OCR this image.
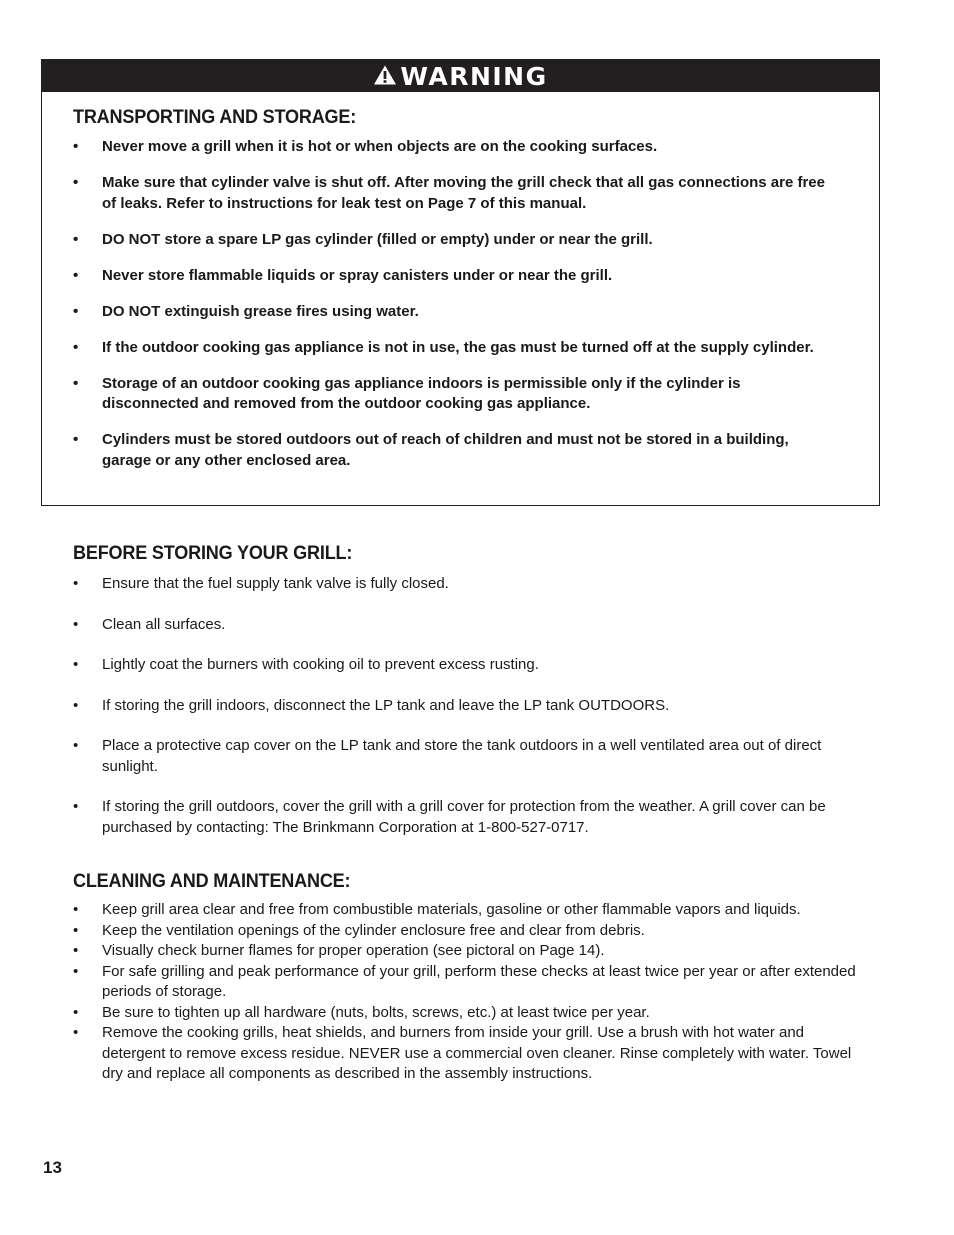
WARNING
TRANSPORTING AND STORAGE:
• Never move a grill when it is hot or when objects are on the cooking surfaces.
• Make sure that cylinder valve is shut off. After moving the grill check that all gas connections are free of leaks. Refer to instructions for leak test on Page 7 of this manual.
• DO NOT store a spare LP gas cylinder (filled or empty) under or near the grill.
• Never store flammable liquids or spray canisters under or near the grill.
• DO NOT extinguish grease fires using water.
• If the outdoor cooking gas appliance is not in use, the gas must be turned off at the supply cylinder.
• Storage of an outdoor cooking gas appliance indoors is permissible only if the cylinder is disconnected and removed from the outdoor cooking gas appliance.
• Cylinders must be stored outdoors out of reach of children and must not be stored in a building, garage or any other enclosed area.
BEFORE STORING YOUR GRILL:
• Ensure that the fuel supply tank valve is fully closed.
• Clean all surfaces.
• Lightly coat the burners with cooking oil to prevent excess rusting.
• If storing the grill indoors, disconnect the LP tank and leave the LP tank OUTDOORS.
• Place a protective cap cover on the LP tank and store the tank outdoors in a well ventilated area out of direct sunlight.
• If storing the grill outdoors, cover the grill with a grill cover for protection from the weather. A grill cover can be purchased by contacting: The Brinkmann Corporation at 1-800-527-0717.
CLEANING AND MAINTENANCE:
• Keep grill area clear and free from combustible materials, gasoline or other flammable vapors and liquids.
• Keep the ventilation openings of the cylinder enclosure free and clear from debris.
• Visually check burner flames for proper operation (see pictoral on Page 14).
• For safe grilling and peak performance of your grill, perform these checks at least twice per year or after extended periods of storage.
• Be sure to tighten up all hardware (nuts, bolts, screws, etc.) at least twice per year.
• Remove the cooking grills, heat shields, and burners from inside your grill. Use a brush with hot water and detergent to remove excess residue. NEVER use a commercial oven cleaner. Rinse completely with water. Towel dry and replace all components as described in the assembly instructions.
13
